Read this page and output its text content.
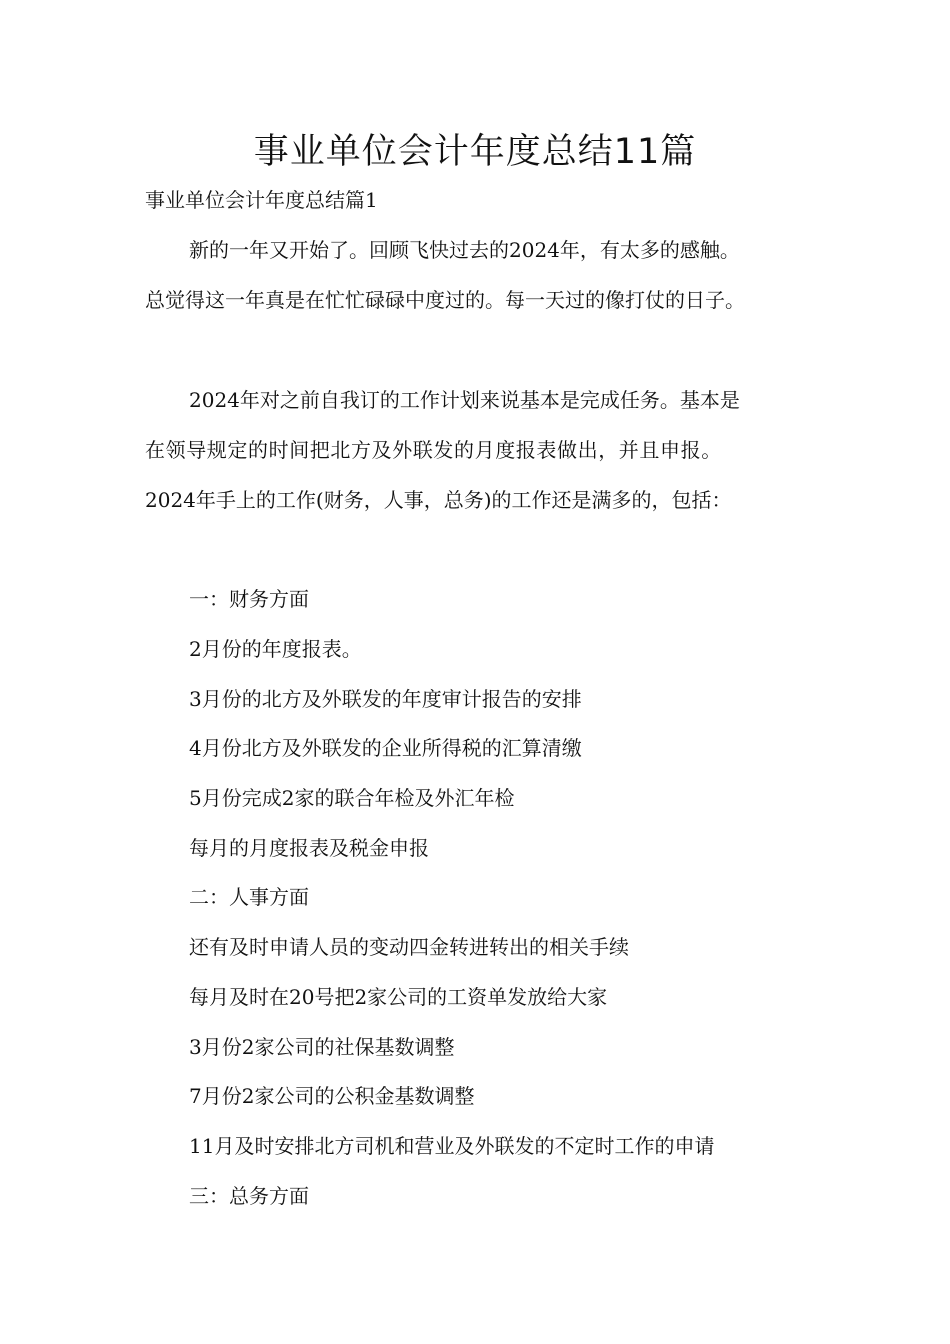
事业单位会计年度总结11篇
事业单位会计年度总结篇1
新的一年又开始了。回顾飞快过去的2024年，有太多的感触。
总觉得这一年真是在忙忙碌碌中度过的。每一天过的像打仗的日子。
2024年对之前自我订的工作计划来说基本是完成任务。基本是
在领导规定的时间把北方及外联发的月度报表做出，并且申报。
2024年手上的工作(财务，人事，总务)的工作还是满多的，包括：
一：财务方面
2月份的年度报表。
3月份的北方及外联发的年度审计报告的安排
4月份北方及外联发的企业所得税的汇算清缴
5月份完成2家的联合年检及外汇年检
每月的月度报表及税金申报
二：人事方面
还有及时申请人员的变动四金转进转出的相关手续
每月及时在20号把2家公司的工资单发放给大家
3月份2家公司的社保基数调整
7月份2家公司的公积金基数调整
11月及时安排北方司机和营业及外联发的不定时工作的申请
三：总务方面
